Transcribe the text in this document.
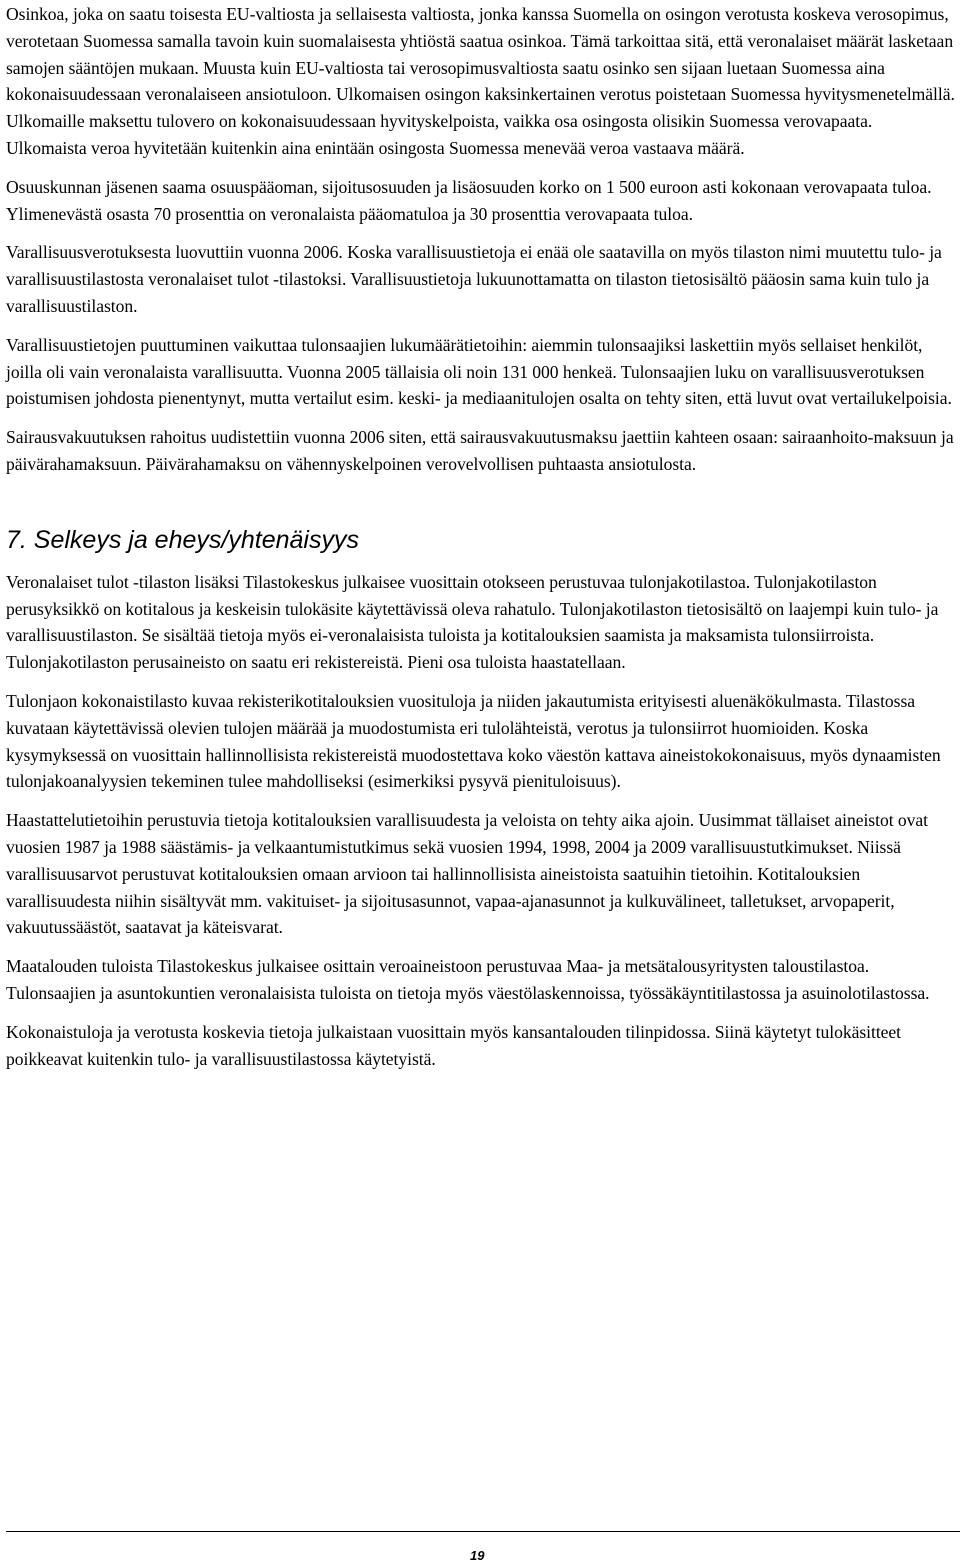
Osinkoa, joka on saatu toisesta EU-valtiosta ja sellaisesta valtiosta, jonka kanssa Suomella on osingon verotusta koskeva verosopimus, verotetaan Suomessa samalla tavoin kuin suomalaisesta yhtiöstä saatua osinkoa. Tämä tarkoittaa sitä, että veronalaiset määrät lasketaan samojen sääntöjen mukaan. Muusta kuin EU-valtiosta tai verosopimusvaltiosta saatu osinko sen sijaan luetaan Suomessa aina kokonaisuudessaan veronalaiseen ansiotuloon. Ulkomaisen osingon kaksinkertainen verotus poistetaan Suomessa hyvitysmenetelmällä. Ulkomaille maksettu tulovero on kokonaisuudessaan hyvityskelpoista, vaikka osa osingosta olisikin Suomessa verovapaata. Ulkomaista veroa hyvitetään kuitenkin aina enintään osingosta Suomessa menevää veroa vastaava määrä.

Osuuskunnan jäsenen saama osuuspääoman, sijoitusosuuden ja lisäosuuden korko on 1 500 euroon asti kokonaan verovapaata tuloa. Ylimenevästä osasta 70 prosenttia on veronalaista pääomatuloa ja 30 prosenttia verovapaata tuloa.

Varallisuusverotuksesta luovuttiin vuonna 2006. Koska varallisuustietoja ei enää ole saatavilla on myös tilaston nimi muutettu tulo- ja varallisuustilastosta veronalaiset tulot -tilastoksi. Varallisuustietoja lukuunottamatta on tilaston tietosisältö pääosin sama kuin tulo ja varallisuustilaston.

Varallisuustietojen puuttuminen vaikuttaa tulonsaajien lukumäärätietoihin: aiemmin tulonsaajiksi laskettiin myös sellaiset henkilöt, joilla oli vain veronalaista varallisuutta. Vuonna 2005 tällaisia oli noin 131 000 henkeä. Tulonsaajien luku on varallisuusverotuksen poistumisen johdosta pienentynyt, mutta vertailut esim. keski- ja mediaanitulojen osalta on tehty siten, että luvut ovat vertailukelpoisia.

Sairausvakuutuksen rahoitus uudistettiin vuonna 2006 siten, että sairausvakuutusmaksu jaettiin kahteen osaan: sairaanhoito-maksuun ja päivärahamaksuun. Päivärahamaksu on vähennyskelpoinen verovelvollisen puhtaasta ansiotulosta.

7. Selkeys ja eheys/yhtenäisyys

Veronalaiset tulot -tilaston lisäksi Tilastokeskus julkaisee vuosittain otokseen perustuvaa tulonjakotilastoa. Tulonjakotilaston perusyksikkö on kotitalous ja keskeisin tulokäsite käytettävissä oleva rahatulo. Tulonjakotilaston tietosisältö on laajempi kuin tulo- ja varallisuustilaston. Se sisältää tietoja myös ei-veronalaisista tuloista ja kotitalouksien saamista ja maksamista tulonsiirroista. Tulonjakotilaston perusaineisto on saatu eri rekistereistä. Pieni osa tuloista haastatellaan.

Tulonjaon kokonaistilasto kuvaa rekisterikotitalouksien vuosituloja ja niiden jakautumista erityisesti aluenäkökulmasta. Tilastossa kuvataan käytettävissä olevien tulojen määrää ja muodostumista eri tulolähteistä, verotus ja tulonsiirrot huomioiden. Koska kysymyksessä on vuosittain hallinnollisista rekistereistä muodostettava koko väestön kattava aineistokokonaisuus, myös dynaamisten tulonjakoanalyysien tekeminen tulee mahdolliseksi (esimerkiksi pysyvä pienituloisuus).

Haastattelutietoihin perustuvia tietoja kotitalouksien varallisuudesta ja veloista on tehty aika ajoin. Uusimmat tällaiset aineistot ovat vuosien 1987 ja 1988 säästämis- ja velkaantumistutkimus sekä vuosien 1994, 1998, 2004 ja 2009 varallisuustutkimukset. Niissä varallisuusarvot perustuvat kotitalouksien omaan arvioon tai hallinnollisista aineistoista saatuihin tietoihin. Kotitalouksien varallisuudesta niihin sisältyvät mm. vakituiset- ja sijoitusasunnot, vapaa-ajanasunnot ja kulkuvälineet, talletukset, arvopaperit, vakuutussäästöt, saatavat ja käteisvarat.

Maatalouden tuloista Tilastokeskus julkaisee osittain veroaineistoon perustuvaa Maa- ja metsätalousyritysten taloustilastoa. Tulonsaajien ja asuntokuntien veronalaisista tuloista on tietoja myös väestölaskennoissa, työssäkäyntitilastossa ja asuinolotilastossa.

Kokonaistuloja ja verotusta koskevia tietoja julkaistaan vuosittain myös kansantalouden tilinpidossa. Siinä käytetyt tulokäsitteet poikkeavat kuitenkin tulo- ja varallisuustilastossa käytetyistä.

19
